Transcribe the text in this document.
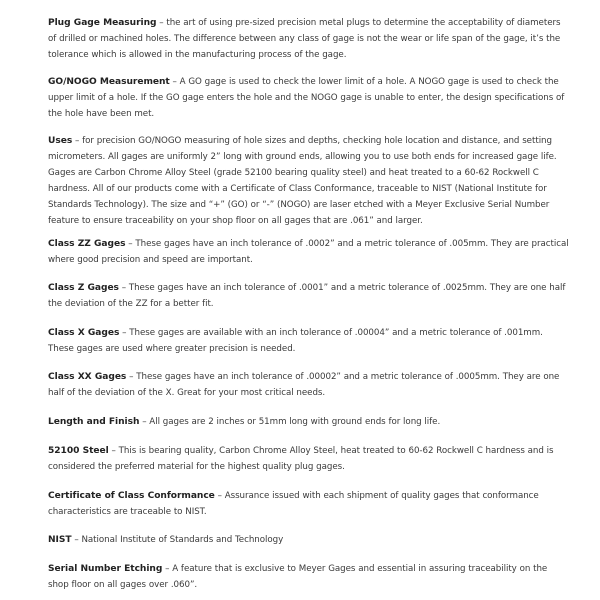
Plug Gage Measuring – the art of using pre-sized precision metal plugs to determine the acceptability of diameters of drilled or machined holes. The difference between any class of gage is not the wear or life span of the gage, it’s the tolerance which is allowed in the manufacturing process of the gage.

GO/NOGO Measurement – A GO gage is used to check the lower limit of a hole. A NOGO gage is used to check the upper limit of a hole. If the GO gage enters the hole and the NOGO gage is unable to enter, the design specifications of the hole have been met.

Uses – for precision GO/NOGO measuring of hole sizes and depths, checking hole location and distance, and setting micrometers. All gages are uniformly 2” long with ground ends, allowing you to use both ends for increased gage life. Gages are Carbon Chrome Alloy Steel (grade 52100 bearing quality steel) and heat treated to a 60-62 Rockwell C hardness. All of our products come with a Certificate of Class Conformance, traceable to NIST (National Institute for Standards Technology). The size and “+” (GO) or “-” (NOGO) are laser etched with a Meyer Exclusive Serial Number feature to ensure traceability on your shop floor on all gages that are .061” and larger.

Class ZZ Gages – These gages have an inch tolerance of .0002” and a metric tolerance of .005mm. They are practical where good precision and speed are important.

Class Z Gages – These gages have an inch tolerance of .0001” and a metric tolerance of .0025mm. They are one half the deviation of the ZZ for a better fit.

Class X Gages – These gages are available with an inch tolerance of .00004” and a metric tolerance of .001mm. These gages are used where greater precision is needed.

Class XX Gages – These gages have an inch tolerance of .00002” and a metric tolerance of .0005mm. They are one half of the deviation of the X. Great for your most critical needs.

Length and Finish – All gages are 2 inches or 51mm long with ground ends for long life.

52100 Steel – This is bearing quality, Carbon Chrome Alloy Steel, heat treated to 60-62 Rockwell C hardness and is considered the preferred material for the highest quality plug gages.

Certificate of Class Conformance – Assurance issued with each shipment of quality gages that conformance characteristics are traceable to NIST.

NIST – National Institute of Standards and Technology

Serial Number Etching – A feature that is exclusive to Meyer Gages and essential in assuring traceability on the shop floor on all gages over .060”.
